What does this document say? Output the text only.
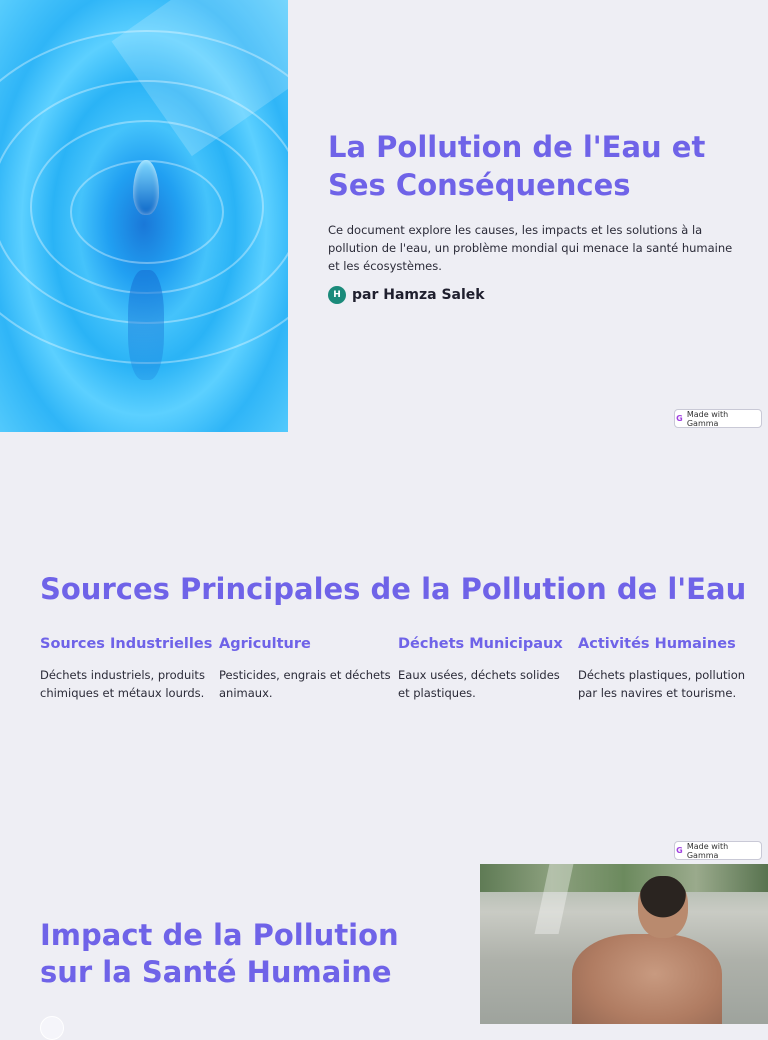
La Pollution de l'Eau et Ses Conséquences

Ce document explore les causes, les impacts et les solutions à la pollution de l'eau, un problème mondial qui menace la santé humaine et les écosystèmes.

H par Hamza Salek
G Made with Gamma
Sources Principales de la Pollution de l'Eau
Sources Industrielles

Déchets industriels, produits chimiques et métaux lourds.

Agriculture

Pesticides, engrais et déchets animaux.

Déchets Municipaux

Eaux usées, déchets solides et plastiques.

Activités Humaines

Déchets plastiques, pollution par les navires et tourisme.

G Made with Gamma
Impact de la Pollution sur la Santé Humaine
